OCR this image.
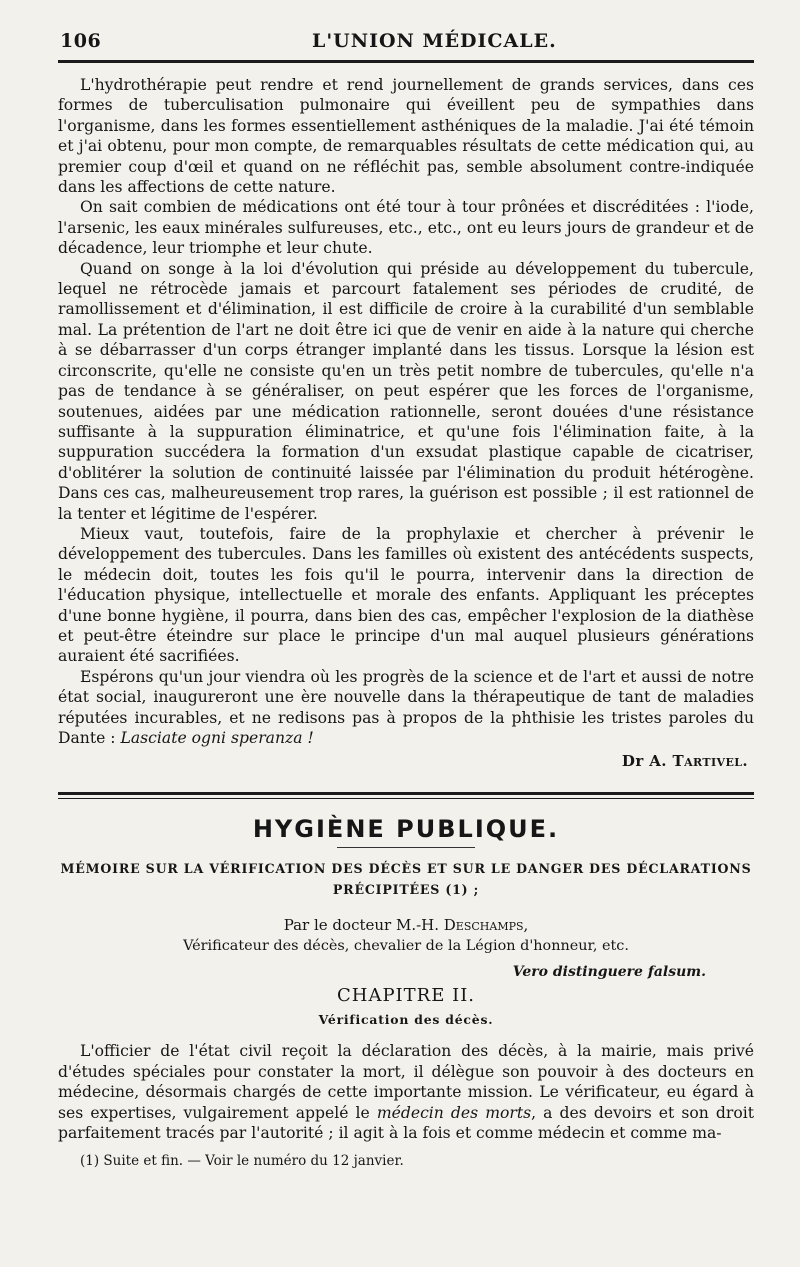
106	L'UNION MÉDICALE.

L'hydrothérapie peut rendre et rend journellement de grands services, dans ces formes de tuberculisation pulmonaire qui éveillent peu de sympathies dans l'organisme, dans les formes essentiellement asthéniques de la maladie. J'ai été témoin et j'ai obtenu, pour mon compte, de remarquables résultats de cette médication qui, au premier coup d'œil et quand on ne réfléchit pas, semble absolument contre-indiquée dans les affections de cette nature.

On sait combien de médications ont été tour à tour prônées et discréditées : l'iode, l'arsenic, les eaux minérales sulfureuses, etc., etc., ont eu leurs jours de grandeur et de décadence, leur triomphe et leur chute.

Quand on songe à la loi d'évolution qui préside au développement du tubercule, lequel ne rétrocède jamais et parcourt fatalement ses périodes de crudité, de ramollissement et d'élimination, il est difficile de croire à la curabilité d'un semblable mal. La prétention de l'art ne doit être ici que de venir en aide à la nature qui cherche à se débarrasser d'un corps étranger implanté dans les tissus. Lorsque la lésion est circonscrite, qu'elle ne consiste qu'en un très petit nombre de tubercules, qu'elle n'a pas de tendance à se généraliser, on peut espérer que les forces de l'organisme, soutenues, aidées par une médication rationnelle, seront douées d'une résistance suffisante à la suppuration éliminatrice, et qu'une fois l'élimination faite, à la suppuration succédera la formation d'un exsudat plastique capable de cicatriser, d'oblitérer la solution de continuité laissée par l'élimination du produit hétérogène. Dans ces cas, malheureusement trop rares, la guérison est possible ; il est rationnel de la tenter et légitime de l'espérer.

Mieux vaut, toutefois, faire de la prophylaxie et chercher à prévenir le développement des tubercules. Dans les familles où existent des antécédents suspects, le médecin doit, toutes les fois qu'il le pourra, intervenir dans la direction de l'éducation physique, intellectuelle et morale des enfants. Appliquant les préceptes d'une bonne hygiène, il pourra, dans bien des cas, empêcher l'explosion de la diathèse et peut-être éteindre sur place le principe d'un mal auquel plusieurs générations auraient été sacrifiées.

Espérons qu'un jour viendra où les progrès de la science et de l'art et aussi de notre état social, inaugureront une ère nouvelle dans la thérapeutique de tant de maladies réputées incurables, et ne redisons pas à propos de la phthisie les tristes paroles du Dante : Lasciate ogni speranza !

Dr A. Tartivel.
HYGIÈNE PUBLIQUE.
MÉMOIRE SUR LA VÉRIFICATION DES DÉCÈS ET SUR LE DANGER DES DÉCLARATIONS PRÉCIPITÉES (1) ;
Par le docteur M.-H. Deschamps,
Vérificateur des décès, chevalier de la Légion d'honneur, etc.
Vero distinguere falsum.
CHAPITRE II.
Vérification des décès.

L'officier de l'état civil reçoit la déclaration des décès, à la mairie, mais privé d'études spéciales pour constater la mort, il délègue son pouvoir à des docteurs en médecine, désormais chargés de cette importante mission. Le vérificateur, eu égard à ses expertises, vulgairement appelé le médecin des morts, a des devoirs et son droit parfaitement tracés par l'autorité ; il agit à la fois et comme médecin et comme ma-

(1) Suite et fin. — Voir le numéro du 12 janvier.
